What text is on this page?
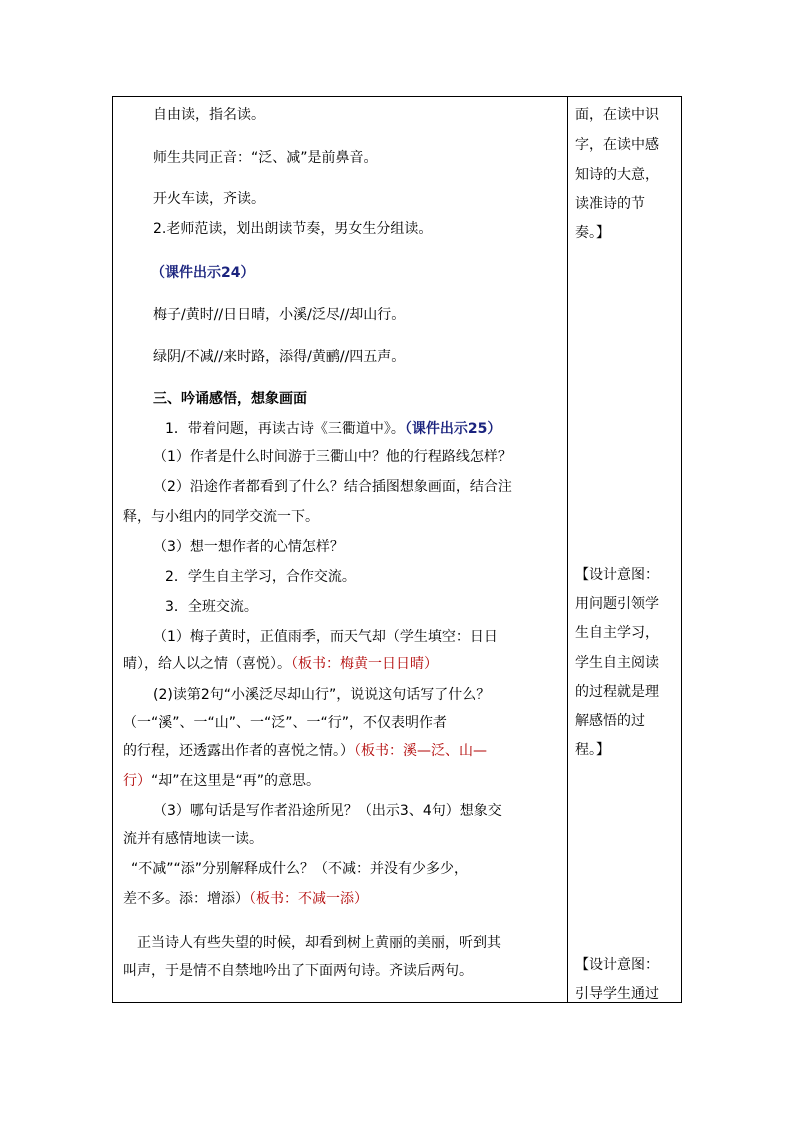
自由读，指名读。
师生共同正音：“泛、减”是前鼻音。
开火车读，齐读。
2.老师范读，划出朗读节奏，男女生分组读。
（课件出示24）
梅子/黄时//日日晴，小溪/泛尽//却山行。
绿阴/不减//来时路，添得/黄鹂//四五声。
三、吟诵感悟，想象画面
1．带着问题，再读古诗《三衢道中》。（课件出示25）
（1）作者是什么时间游于三衢山中？他的行程路线怎样？
（2）沿途作者都看到了什么？结合插图想象画面，结合注
释，与小组内的同学交流一下。
（3）想一想作者的心情怎样？
2．学生自主学习，合作交流。
3．全班交流。
（1）梅子黄时，正值雨季，而天气却（学生填空：日日
晴），给人以之情（喜悦）。（板书：梅黄一日日晴）
(2)读第2句“小溪泛尽却山行”，说说这句话写了什么？
（一“溪”、一“山”、一“泛”、一“行”，不仅表明作者
的行程，还透露出作者的喜悦之情。）（板书：溪—泛、山—
行）“却”在这里是“再”的意思。
（3）哪句话是写作者沿途所见？（出示3、4句）想象交
流并有感情地读一读。
“不减”“添”分别解释成什么？（不减：并没有少多少，
差不多。添：增添）（板书：不减一添）
正当诗人有些失望的时候，却看到树上黄丽的美丽，听到其
叫声，于是情不自禁地吟出了下面两句诗。齐读后两句。
面，在读中识
字，在读中感
知诗的大意，
读准诗的节
奏。】
【设计意图：
用问题引领学
生自主学习，
学生自主阅读
的过程就是理
解感悟的过
程。】
【设计意图：
引导学生通过
